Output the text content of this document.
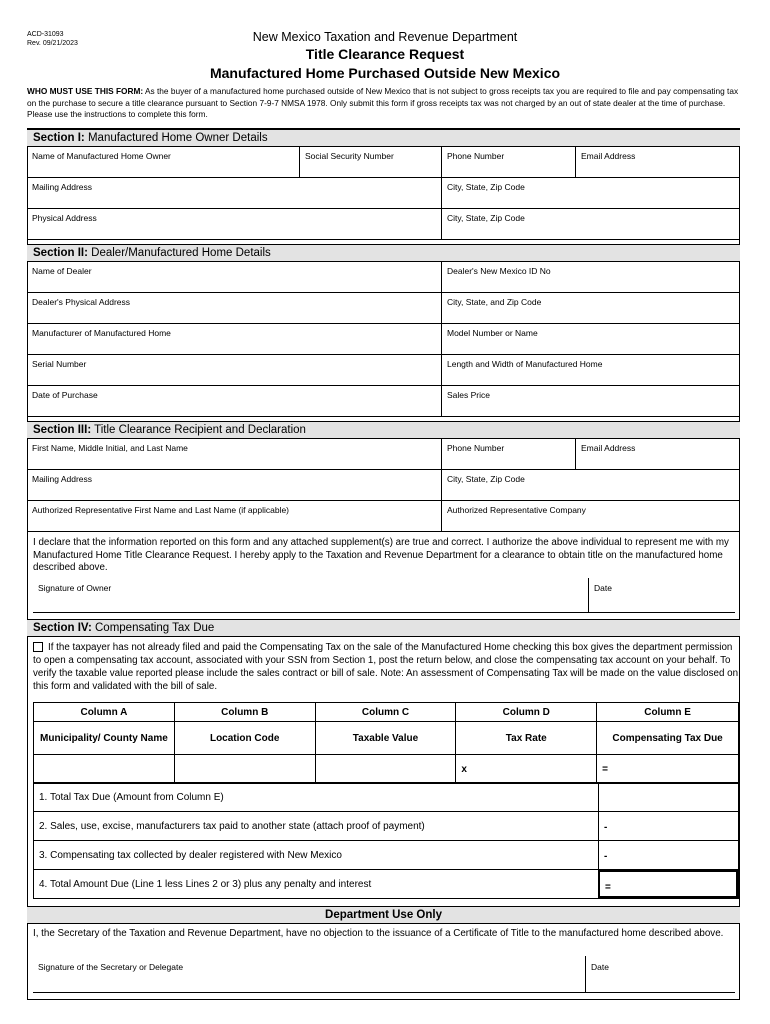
ACD-31093
Rev. 09/21/2023	New Mexico Taxation and Revenue Department
Title Clearance Request
Manufactured Home Purchased Outside New Mexico
WHO MUST USE THIS FORM: As the buyer of a manufactured home purchased outside of New Mexico that is not subject to gross receipts tax you are required to file and pay compensating tax on the purchase to secure a title clearance pursuant to Section 7-9-7 NMSA 1978. Only submit this form if gross receipts tax was not charged by an out of state dealer at the time of purchase. Please use the instructions to complete this form.
Section I: Manufactured Home Owner Details
Name of Manufactured Home Owner	Social Security Number	Phone Number	Email Address
Mailing Address	City, State, Zip Code
Physical Address	City, State, Zip Code
Section II: Dealer/Manufactured Home Details
Name of Dealer	Dealer's New Mexico ID No
Dealer's Physical Address	City, State, and Zip Code
Manufacturer of Manufactured Home	Model Number or Name
Serial Number	Length and Width of Manufactured Home
Date of Purchase	Sales Price
Section III: Title Clearance Recipient and Declaration
First Name, Middle Initial, and Last Name	Phone Number	Email Address
Mailing Address	City, State, Zip Code
Authorized Representative First Name and Last Name (if applicable)	Authorized Representative Company
I declare that the information reported on this form and any attached supplement(s) are true and correct. I authorize the above individual to represent me with my Manufactured Home Title Clearance Request. I hereby apply to the Taxation and Revenue Department for a clearance to obtain title on the manufactured home described above.
Signature of Owner	Date
Section IV: Compensating Tax Due
If the taxpayer has not already filed and paid the Compensating Tax on the sale of the Manufactured Home checking this box gives the department permission to open a compensating tax account, associated with your SSN from Section 1, post the return below, and close the compensating tax account on your behalf. To verify the taxable value reported please include the sales contract or bill of sale. Note: An assessment of Compensating Tax will be made on the value disclosed on this form and validated with the bill of sale.
Column A	Column B	Column C	Column D	Column E
Municipality/ County Name	Location Code	Taxable Value	Tax Rate	Compensating Tax Due
			x	=
1. Total Tax Due (Amount from Column E)
2. Sales, use, excise, manufacturers tax paid to another state (attach proof of payment)	-
3. Compensating tax collected by dealer registered with New Mexico	-
4. Total Amount Due (Line 1 less Lines 2 or 3) plus any penalty and interest	=
Department Use Only
I, the Secretary of the Taxation and Revenue Department, have no objection to the issuance of a Certificate of Title to the manufactured home described above.
Signature of the Secretary or Delegate	Date
